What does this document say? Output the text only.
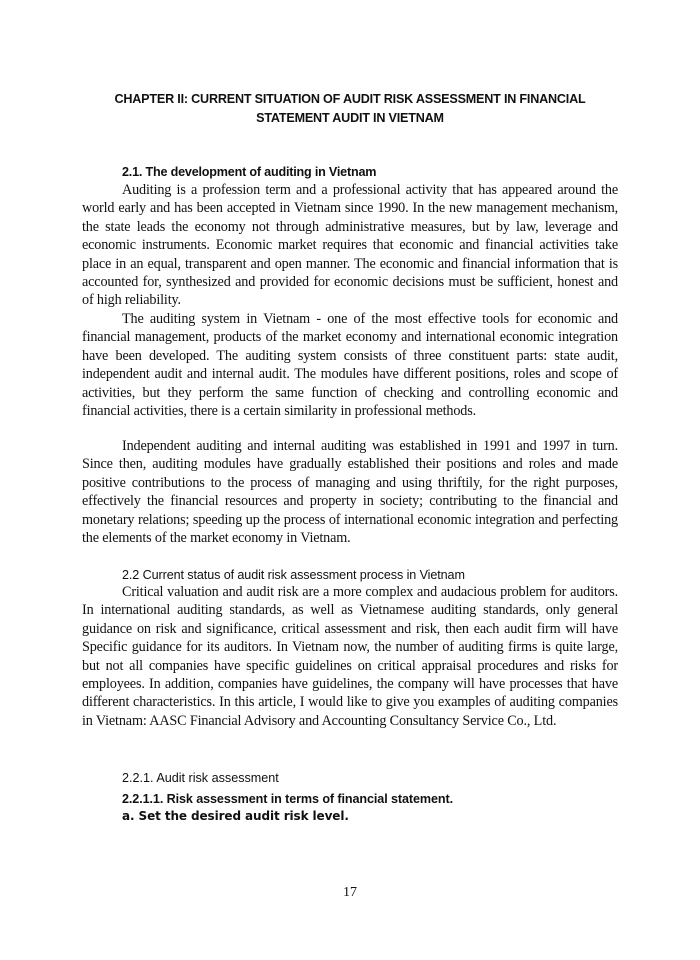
CHAPTER II: CURRENT SITUATION OF AUDIT RISK ASSESSMENT IN FINANCIAL STATEMENT AUDIT IN VIETNAM
2.1. The development of auditing in Vietnam

Auditing is a profession term and a professional activity that has appeared around the world early and has been accepted in Vietnam since 1990. In the new management mechanism, the state leads the economy not through administrative measures, but by law, leverage and economic instruments. Economic market requires that economic and financial activities take place in an equal, transparent and open manner. The economic and financial information that is accounted for, synthesized and provided for economic decisions must be sufficient, honest and of high reliability.

The auditing system in Vietnam - one of the most effective tools for economic and financial management, products of the market economy and international economic integration have been developed. The auditing system consists of three constituent parts: state audit, independent audit and internal audit. The modules have different positions, roles and scope of activities, but they perform the same function of checking and controlling economic and financial activities, there is a certain similarity in professional methods.

Independent auditing and internal auditing was established in 1991 and 1997 in turn. Since then, auditing modules have gradually established their positions and roles and made positive contributions to the process of managing and using thriftily, for the right purposes, effectively the financial resources and property in society; contributing to the financial and monetary relations; speeding up the process of international economic integration and perfecting the elements of the market economy in Vietnam.

2.2 Current status of audit risk assessment process in Vietnam

Critical valuation and audit risk are a more complex and audacious problem for auditors. In international auditing standards, as well as Vietnamese auditing standards, only general guidance on risk and significance, critical assessment and risk, then each audit firm will have Specific guidance for its auditors. In Vietnam now, the number of auditing firms is quite large, but not all companies have specific guidelines on critical appraisal procedures and risks for employees. In addition, companies have guidelines, the company will have processes that have different characteristics. In this article, I would like to give you examples of auditing companies in Vietnam: AASC Financial Advisory and Accounting Consultancy Service Co., Ltd.

2.2.1. Audit risk assessment
2.2.1.1. Risk assessment in terms of financial statement.
a. Set the desired audit risk level.
17
